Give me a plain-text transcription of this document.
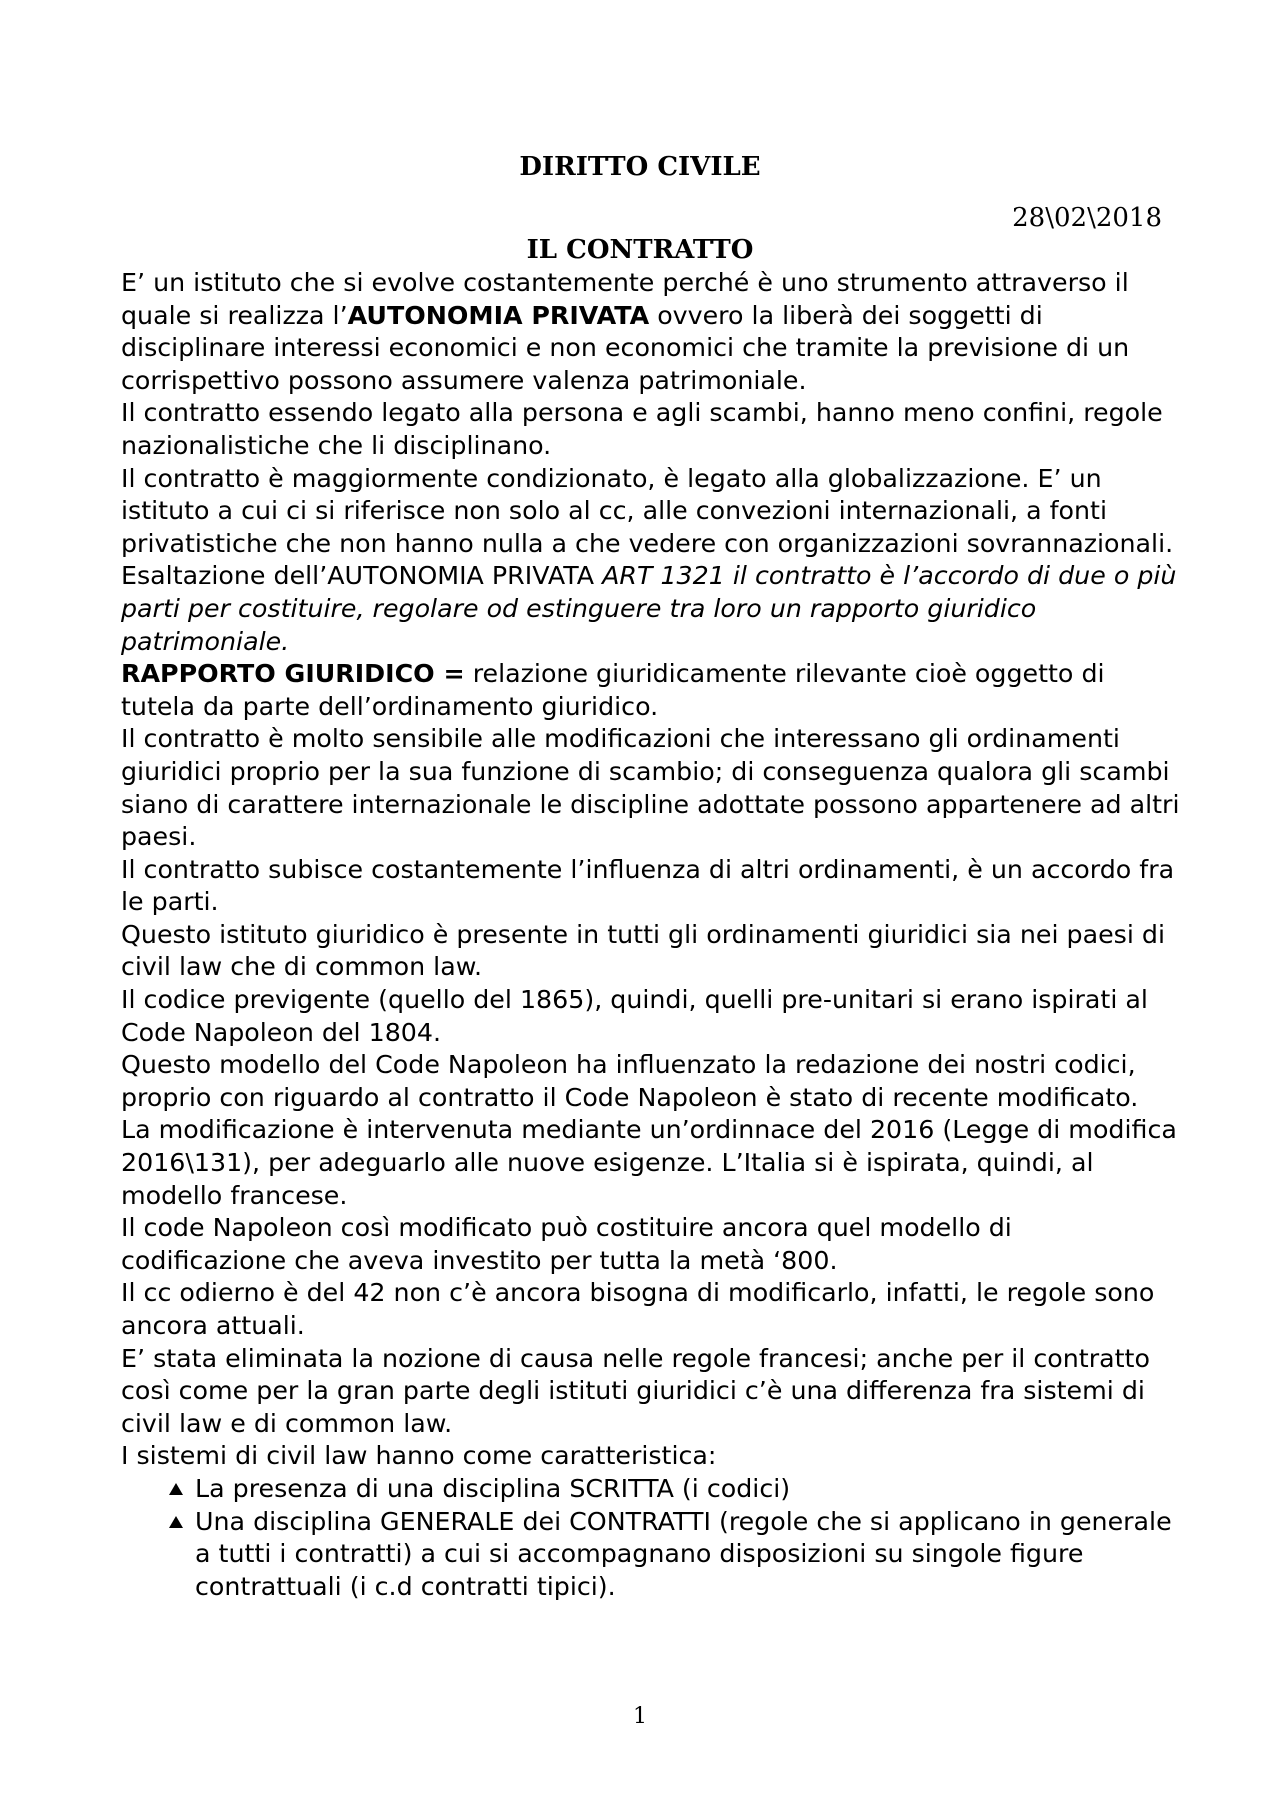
DIRITTO CIVILE
28\02\2018
IL CONTRATTO

E’ un istituto che si evolve costantemente perché è uno strumento attraverso il quale si realizza l’AUTONOMIA PRIVATA ovvero la liberà dei soggetti di disciplinare interessi economici e non economici che tramite la previsione di un corrispettivo possono assumere valenza patrimoniale.

Il contratto essendo legato alla persona e agli scambi, hanno meno confini, regole nazionalistiche che li disciplinano.

Il contratto è maggiormente condizionato, è legato alla globalizzazione. E’ un istituto a cui ci si riferisce non solo al cc, alle convezioni internazionali, a fonti privatistiche che non hanno nulla a che vedere con organizzazioni sovrannazionali.

Esaltazione dell’AUTONOMIA PRIVATA ART 1321 il contratto è l’accordo di due o più parti per costituire, regolare od estinguere tra loro un rapporto giuridico patrimoniale.

RAPPORTO GIURIDICO = relazione giuridicamente rilevante cioè oggetto di tutela da parte dell’ordinamento giuridico.

Il contratto è molto sensibile alle modificazioni che interessano gli ordinamenti giuridici proprio per la sua funzione di scambio; di conseguenza qualora gli scambi siano di carattere internazionale le discipline adottate possono appartenere ad altri paesi.

Il contratto subisce costantemente l’influenza di altri ordinamenti, è un accordo fra le parti.

Questo istituto giuridico è presente in tutti gli ordinamenti giuridici sia nei paesi di civil law che di common law.

Il codice previgente (quello del 1865), quindi, quelli pre-unitari si erano ispirati al Code Napoleon del 1804.

Questo modello del Code Napoleon ha influenzato la redazione dei nostri codici, proprio con riguardo al contratto il Code Napoleon è stato di recente modificato.

La modificazione è intervenuta mediante un’ordinnace del 2016 (Legge di modifica 2016\131), per adeguarlo alle nuove esigenze. L’Italia si è ispirata, quindi, al modello francese.

Il code Napoleon così modificato può costituire ancora quel modello di codificazione che aveva investito per tutta la metà ‘800.

Il cc odierno è del 42 non c’è ancora bisogna di modificarlo, infatti, le regole sono ancora attuali.

E’ stata eliminata la nozione di causa nelle regole francesi; anche per il contratto così come per la gran parte degli istituti giuridici c’è una differenza fra sistemi di civil law e di common law.

I sistemi di civil law hanno come caratteristica:

La presenza di una disciplina SCRITTA (i codici)
Una disciplina GENERALE dei CONTRATTI (regole che si applicano in generale a tutti i contratti) a cui si accompagnano disposizioni su singole figure contrattuali (i c.d contratti tipici).
1
